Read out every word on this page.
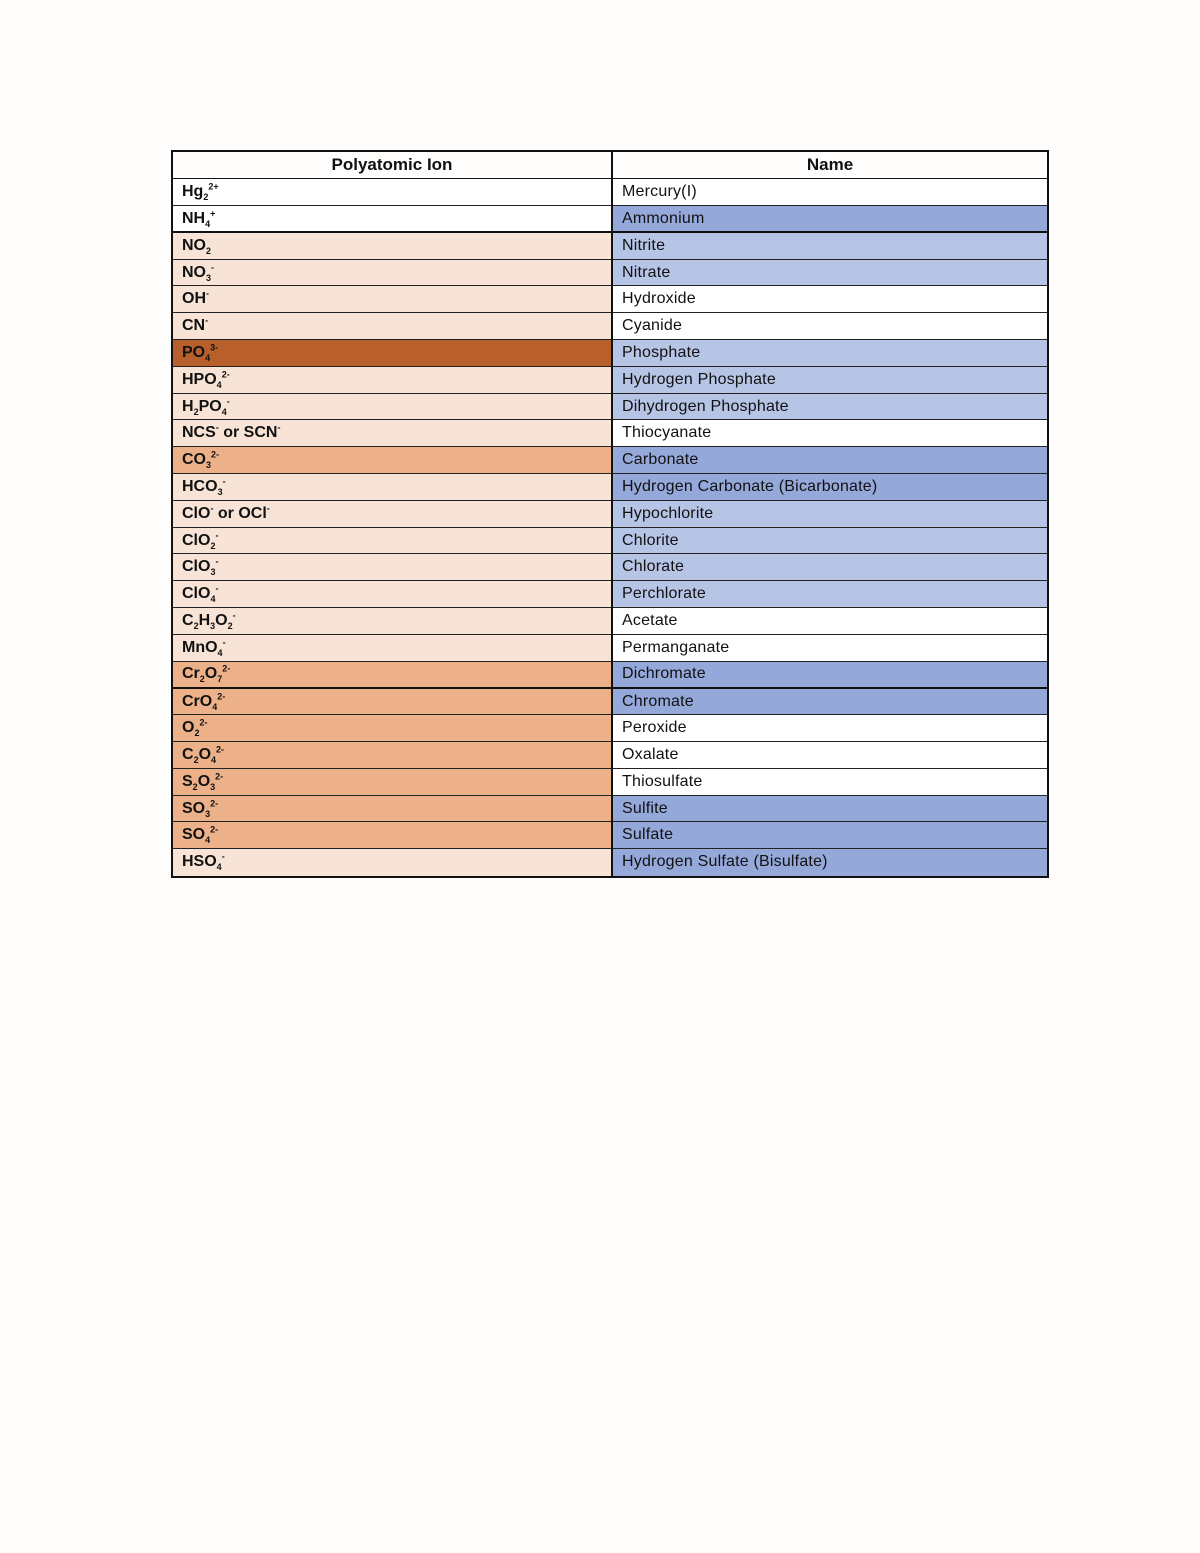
Polyatomic Ion	Name
$Hg_2^{2+}$	Mercury(I)
$NH_4^+$	Ammonium
$NO_2$	Nitrite
$NO_3^-$	Nitrate
OH-	Hydroxide
CN-	Cyanide
$PO_4^{3-}$	Phosphate
$HPO_4^{2-}$	Hydrogen Phosphate
$H_2PO_4^-$	Dihydrogen Phosphate
NCS- or SCN-	Thiocyanate
$CO_3^{2-}$	Carbonate
$HCO_3^-$	Hydrogen Carbonate (Bicarbonate)
ClO- or OCl-	Hypochlorite
ClO$_2$-	Chlorite
ClO$_3$-	Chlorate
ClO$_4$-	Perchlorate
$C_2H_3O_2^-$	Acetate
MnO$_4$-	Permanganate
$Cr_2O_7^{2-}$	Dichromate
CrO$_4^{2-}$	Chromate
$O_2^{2-}$	Peroxide
$C_2O_4^{2-}$	Oxalate
$S_2O_3^{2-}$	Thiosulfate
$SO_3^{2-}$	Sulfite
$SO_4^{2-}$	Sulfate
$HSO_4^-$	Hydrogen Sulfate (Bisulfate)
